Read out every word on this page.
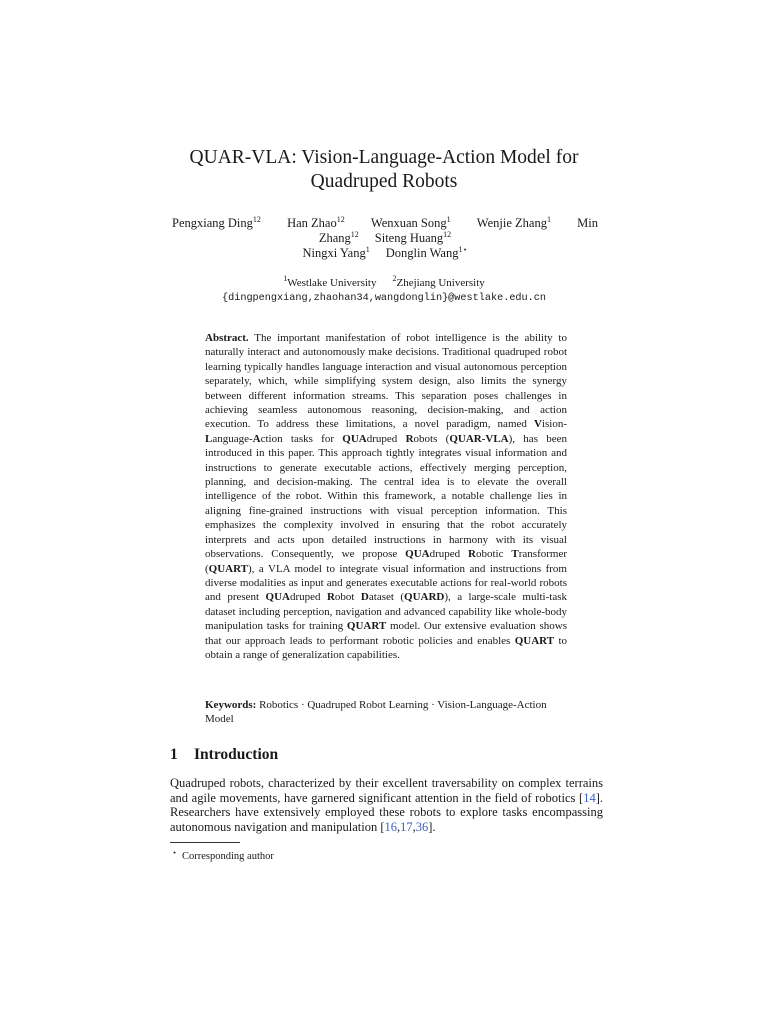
QUAR-VLA: Vision-Language-Action Model for
Quadruped Robots
Pengxiang Ding$^{12}$ Han Zhao$^{12}$ Wenxuan Song$^1$ Wenjie Zhang$^1$ Min
Zhang$^{12}$ Siteng Huang$^{12}$
Ningxi Yang$^1$ Donglin Wang$^{1⋆}$
$^1$Westlake University $^2$Zhejiang University
{dingpengxiang,zhaohan34,wangdonglin}@westlake.edu.cn
Abstract. The important manifestation of robot intelligence is the ability to naturally interact and autonomously make decisions. Traditional quadruped robot learning typically handles language interaction and visual autonomous perception separately, which, while simplifying system design, also limits the synergy between different information streams. This separation poses challenges in achieving seamless autonomous reasoning, decision-making, and action execution. To address these limitations, a novel paradigm, named Vision-Language-Action tasks for QUAdruped Robots (QUAR-VLA), has been introduced in this paper. This approach tightly integrates visual information and instructions to generate executable actions, effectively merging perception, planning, and decision-making. The central idea is to elevate the overall intelligence of the robot. Within this framework, a notable challenge lies in aligning fine-grained instructions with visual perception information. This emphasizes the complexity involved in ensuring that the robot accurately interprets and acts upon detailed instructions in harmony with its visual observations. Consequently, we propose QUAdruped Robotic Transformer (QUART), a VLA model to integrate visual information and instructions from diverse modalities as input and generates executable actions for real-world robots and present QUAdruped Robot Dataset (QUARD), a large-scale multi-task dataset including perception, navigation and advanced capability like whole-body manipulation tasks for training QUART model. Our extensive evaluation shows that our approach leads to performant robotic policies and enables QUART to obtain a range of generalization capabilities.
Keywords: Robotics · Quadruped Robot Learning · Vision-Language-Action Model
1 Introduction
Quadruped robots, characterized by their excellent traversability on complex terrains and agile movements, have garnered significant attention in the field of robotics [14]. Researchers have extensively employed these robots to explore tasks encompassing autonomous navigation and manipulation [16,17,36].
⋆ Corresponding author
